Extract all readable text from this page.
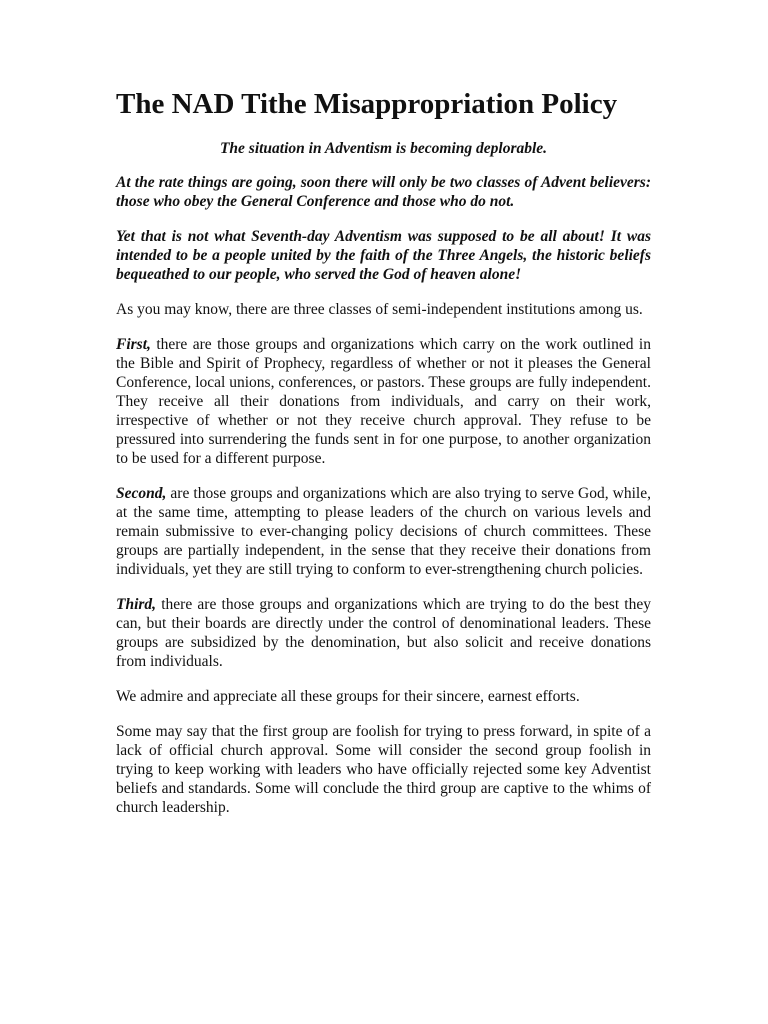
The NAD Tithe Misappropriation Policy

The situation in Adventism is becoming deplorable.

At the rate things are going, soon there will only be two classes of Advent believers: those who obey the General Conference and those who do not.

Yet that is not what Seventh-day Adventism was supposed to be all about! It was intended to be a people united by the faith of the Three Angels, the historic beliefs bequeathed to our people, who served the God of heaven alone!

As you may know, there are three classes of semi-independent institutions among us.

First, there are those groups and organizations which carry on the work outlined in the Bible and Spirit of Prophecy, regardless of whether or not it pleases the General Conference, local unions, conferences, or pastors. These groups are fully independent. They receive all their donations from individuals, and carry on their work, irrespective of whether or not they receive church approval. They refuse to be pressured into surrendering the funds sent in for one purpose, to another organization to be used for a different purpose.

Second, are those groups and organizations which are also trying to serve God, while, at the same time, attempting to please leaders of the church on various levels and remain submissive to ever-changing policy decisions of church committees. These groups are partially independent, in the sense that they receive their donations from individuals, yet they are still trying to conform to ever-strengthening church policies.

Third, there are those groups and organizations which are trying to do the best they can, but their boards are directly under the control of denominational leaders. These groups are subsidized by the denomination, but also solicit and receive donations from individuals.

We admire and appreciate all these groups for their sincere, earnest efforts.

Some may say that the first group are foolish for trying to press forward, in spite of a lack of official church approval. Some will consider the second group foolish in trying to keep working with leaders who have officially rejected some key Adventist beliefs and standards. Some will conclude the third group are captive to the whims of church leadership.
